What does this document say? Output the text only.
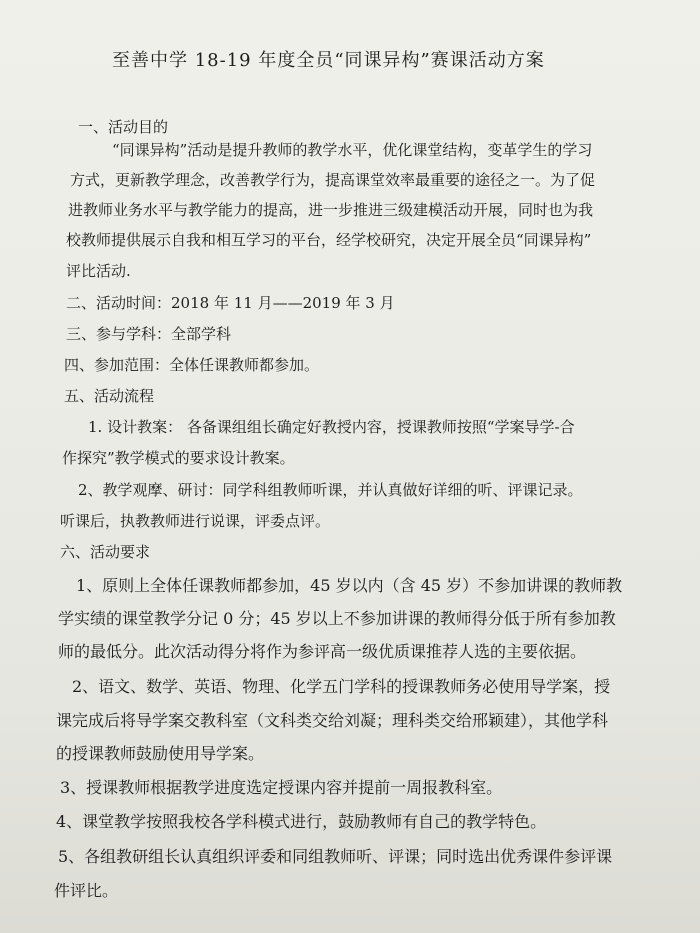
至善中学 18-19 年度全员“同课异构”赛课活动方案
一、活动目的
“同课异构”活动是提升教师的教学水平，优化课堂结构，变革学生的学习
方式，更新教学理念，改善教学行为，提高课堂效率最重要的途径之一。为了促
进教师业务水平与教学能力的提高，进一步推进三级建模活动开展，同时也为我
校教师提供展示自我和相互学习的平台，经学校研究，决定开展全员“同课异构”
评比活动.
二、活动时间：2018 年 11 月——2019 年 3 月
三、参与学科：全部学科
四、参加范围：全体任课教师都参加。
五、活动流程
1. 设计教案： 各备课组组长确定好教授内容，授课教师按照“学案导学-合
作探究”教学模式的要求设计教案。
2、教学观摩、研讨：同学科组教师听课，并认真做好详细的听、评课记录。
听课后，执教教师进行说课，评委点评。
六、活动要求
1、原则上全体任课教师都参加，45 岁以内（含 45 岁）不参加讲课的教师教
学实绩的课堂教学分记 0 分；45 岁以上不参加讲课的教师得分低于所有参加教
师的最低分。此次活动得分将作为参评高一级优质课推荐人选的主要依据。
2、语文、数学、英语、物理、化学五门学科的授课教师务必使用导学案，授
课完成后将导学案交教科室（文科类交给刘凝；理科类交给邢颖建），其他学科
的授课教师鼓励使用导学案。
3、授课教师根据教学进度选定授课内容并提前一周报教科室。
4、课堂教学按照我校各学科模式进行，鼓励教师有自己的教学特色。
5、各组教研组长认真组织评委和同组教师听、评课；同时选出优秀课件参评课
件评比。
